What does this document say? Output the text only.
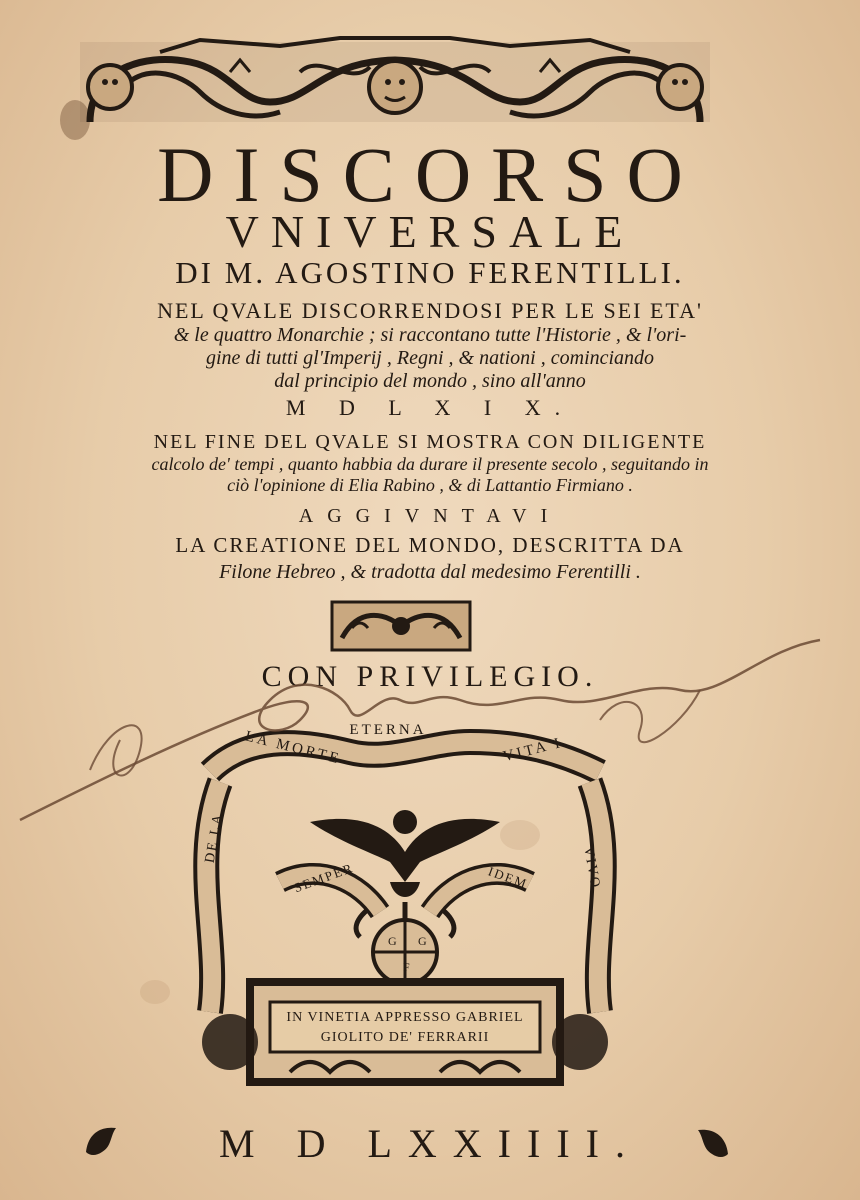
DISCORSO
VNIVERSALE
DI M. AGOSTINO FERENTILLI.
NEL QVALE DISCORRENDOSI PER LE SEI ETA'
& le quattro Monarchie ; si raccontano tutte l'Historie , & l'ori-
gine di tutti gl'Imperij , Regni , & nationi , cominciando
dal principio del mondo , sino all'anno
M D L X I X.
NEL FINE DEL QVALE SI MOSTRA CON DILIGENTE
calcolo de' tempi , quanto habbia da durare il presente secolo , seguitando in
ciò l'opinione di Elia Rabino , & di Lattantio Firmiano .
AGGIVNTAVI
LA CREATIONE DEL MONDO, DESCRITTA DA
Filone Hebreo , & tradotta dal medesimo Ferentilli .
CON PRIVILEGIO.
ETERNA
LA MORTE	VITA I
DE LA
VIVO
SEMPER	IDEM
G G
F
IN VINETIA APPRESSO GABRIEL
GIOLITO DE' FERRARII
M D LXXIIII.
